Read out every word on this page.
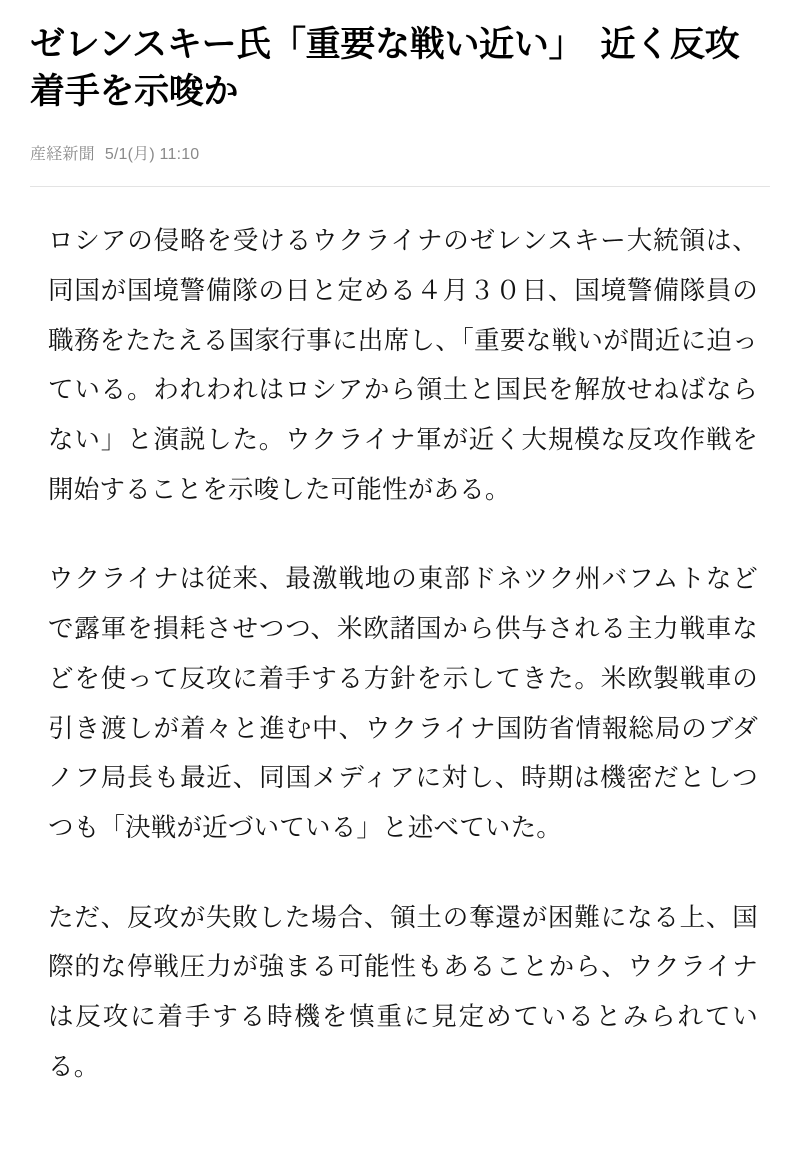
ゼレンスキー氏「重要な戦い近い」　近く反攻着手を示唆か
産経新聞 5/1(月) 11:10

ロシアの侵略を受けるウクライナのゼレンスキー大統領は、同国が国境警備隊の日と定める４月３０日、国境警備隊員の職務をたたえる国家行事に出席し、「重要な戦いが間近に迫っている。われわれはロシアから領土と国民を解放せねばならない」と演説した。ウクライナ軍が近く大規模な反攻作戦を開始することを示唆した可能性がある。

ウクライナは従来、最激戦地の東部ドネツク州バフムトなどで露軍を損耗させつつ、米欧諸国から供与される主力戦車などを使って反攻に着手する方針を示してきた。米欧製戦車の引き渡しが着々と進む中、ウクライナ国防省情報総局のブダノフ局長も最近、同国メディアに対し、時期は機密だとしつつも「決戦が近づいている」と述べていた。

ただ、反攻が失敗した場合、領土の奪還が困難になる上、国際的な停戦圧力が強まる可能性もあることから、ウクライナは反攻に着手する時機を慎重に見定めているとみられている。
